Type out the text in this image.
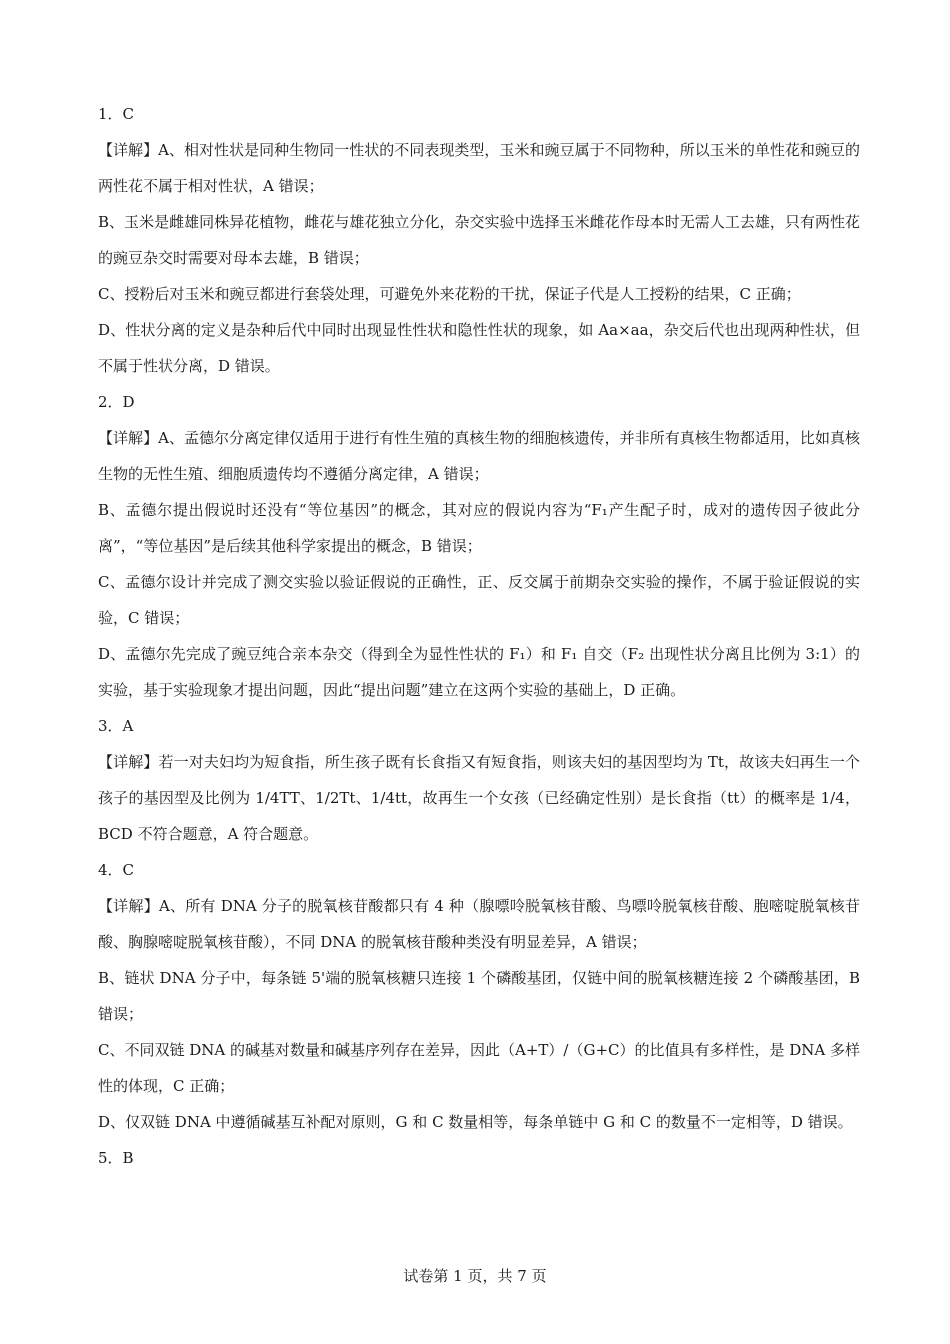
1．C

【详解】A、相对性状是同种生物同一性状的不同表现类型，玉米和豌豆属于不同物种，所以玉米的单性花和豌豆的两性花不属于相对性状，A 错误；

B、玉米是雌雄同株异花植物，雌花与雄花独立分化，杂交实验中选择玉米雌花作母本时无需人工去雄，只有两性花的豌豆杂交时需要对母本去雄，B 错误；

C、授粉后对玉米和豌豆都进行套袋处理，可避免外来花粉的干扰，保证子代是人工授粉的结果，C 正确；

D、性状分离的定义是杂种后代中同时出现显性性状和隐性性状的现象，如 Aa×aa，杂交后代也出现两种性状，但不属于性状分离，D 错误。

2．D

【详解】A、孟德尔分离定律仅适用于进行有性生殖的真核生物的细胞核遗传，并非所有真核生物都适用，比如真核生物的无性生殖、细胞质遗传均不遵循分离定律，A 错误；

B、孟德尔提出假说时还没有“等位基因”的概念，其对应的假说内容为“F₁产生配子时，成对的遗传因子彼此分离”，“等位基因”是后续其他科学家提出的概念，B 错误；

C、孟德尔设计并完成了测交实验以验证假说的正确性，正、反交属于前期杂交实验的操作，不属于验证假说的实验，C 错误；

D、孟德尔先完成了豌豆纯合亲本杂交（得到全为显性性状的 F₁）和 F₁ 自交（F₂ 出现性状分离且比例为 3:1）的实验，基于实验现象才提出问题，因此“提出问题”建立在这两个实验的基础上，D 正确。

3．A

【详解】若一对夫妇均为短食指，所生孩子既有长食指又有短食指，则该夫妇的基因型均为 Tt，故该夫妇再生一个孩子的基因型及比例为 1/4TT、1/2Tt、1/4tt，故再生一个女孩（已经确定性别）是长食指（tt）的概率是 1/4，BCD 不符合题意，A 符合题意。

4．C

【详解】A、所有 DNA 分子的脱氧核苷酸都只有 4 种（腺嘌呤脱氧核苷酸、鸟嘌呤脱氧核苷酸、胞嘧啶脱氧核苷酸、胸腺嘧啶脱氧核苷酸），不同 DNA 的脱氧核苷酸种类没有明显差异，A 错误；

B、链状 DNA 分子中，每条链 5'端的脱氧核糖只连接 1 个磷酸基团，仅链中间的脱氧核糖连接 2 个磷酸基团，B 错误；

C、不同双链 DNA 的碱基对数量和碱基序列存在差异，因此（A+T）/（G+C）的比值具有多样性，是 DNA 多样性的体现，C 正确；

D、仅双链 DNA 中遵循碱基互补配对原则，G 和 C 数量相等，每条单链中 G 和 C 的数量不一定相等，D 错误。

5．B

试卷第 1 页，共 7 页
